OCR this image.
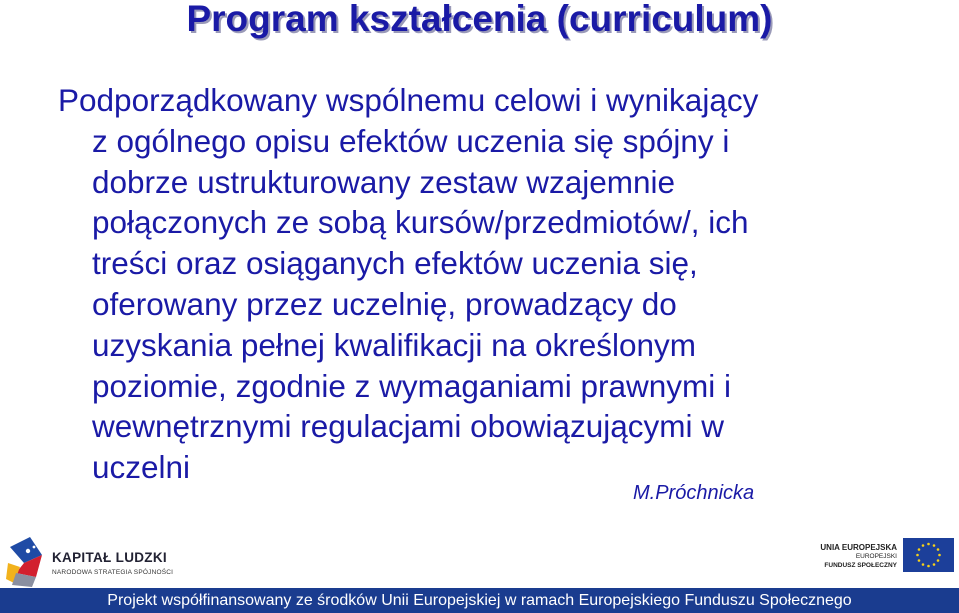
Program kształcenia (curriculum)
Podporządkowany wspólnemu celowi i wynikający
z ogólnego opisu efektów uczenia się spójny i
dobrze ustrukturowany zestaw wzajemnie
połączonych ze sobą kursów/przedmiotów/, ich
treści oraz osiąganych efektów uczenia się,
oferowany przez uczelnię, prowadzący do
uzyskania pełnej kwalifikacji na określonym
poziomie, zgodnie z wymaganiami prawnymi i
wewnętrznymi regulacjami obowiązującymi w
uczelni
M.Próchnicka
KAPITAŁ LUDZKI
NARODOWA STRATEGIA SPÓJNOŚCI
UNIA EUROPEJSKA
EUROPEJSKI
FUNDUSZ SPOŁECZNY
Projekt współfinansowany ze środków Unii Europejskiej w ramach Europejskiego Funduszu Społecznego
